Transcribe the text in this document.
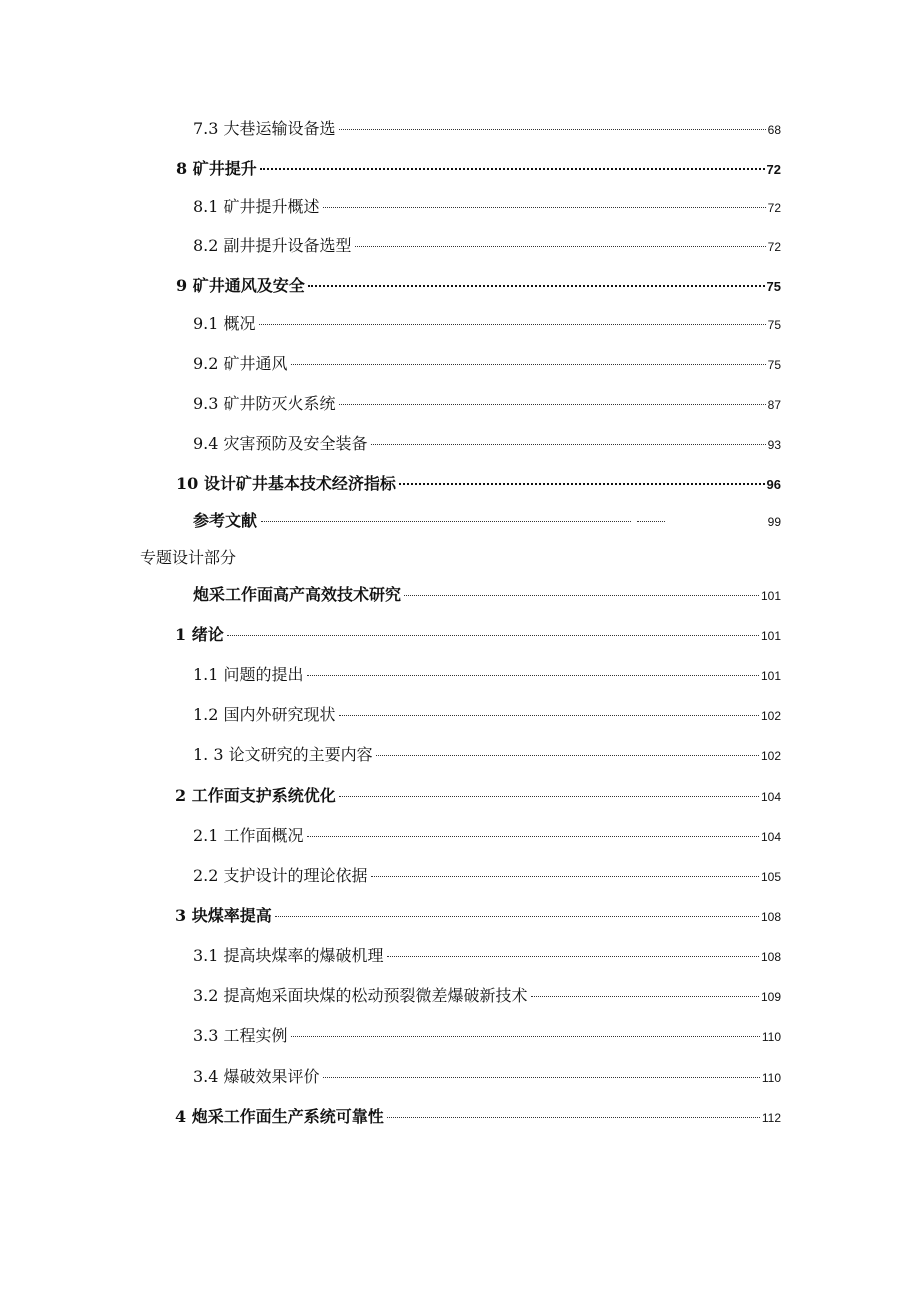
7.3 大巷运输设备选	68
8 矿井提升	72
8.1 矿井提升概述	72
8.2 副井提升设备选型	72
9 矿井通风及安全	75
9.1 概况	75
9.2 矿井通风	75
9.3 矿井防灭火系统	87
9.4 灾害预防及安全装备	93
10 设计矿井基本技术经济指标	96
参考文献	99
专题设计部分
炮采工作面高产高效技术研究	101
1 绪论	101
1.1 问题的提出	101
1.2 国内外研究现状	102
1. 3 论文研究的主要内容	102
2 工作面支护系统优化	104
2.1 工作面概况	104
2.2 支护设计的理论依据	105
3 块煤率提高	108
3.1 提高块煤率的爆破机理	108
3.2 提高炮采面块煤的松动预裂微差爆破新技术	109
3.3 工程实例	110
3.4 爆破效果评价	110
4 炮采工作面生产系统可靠性	112
